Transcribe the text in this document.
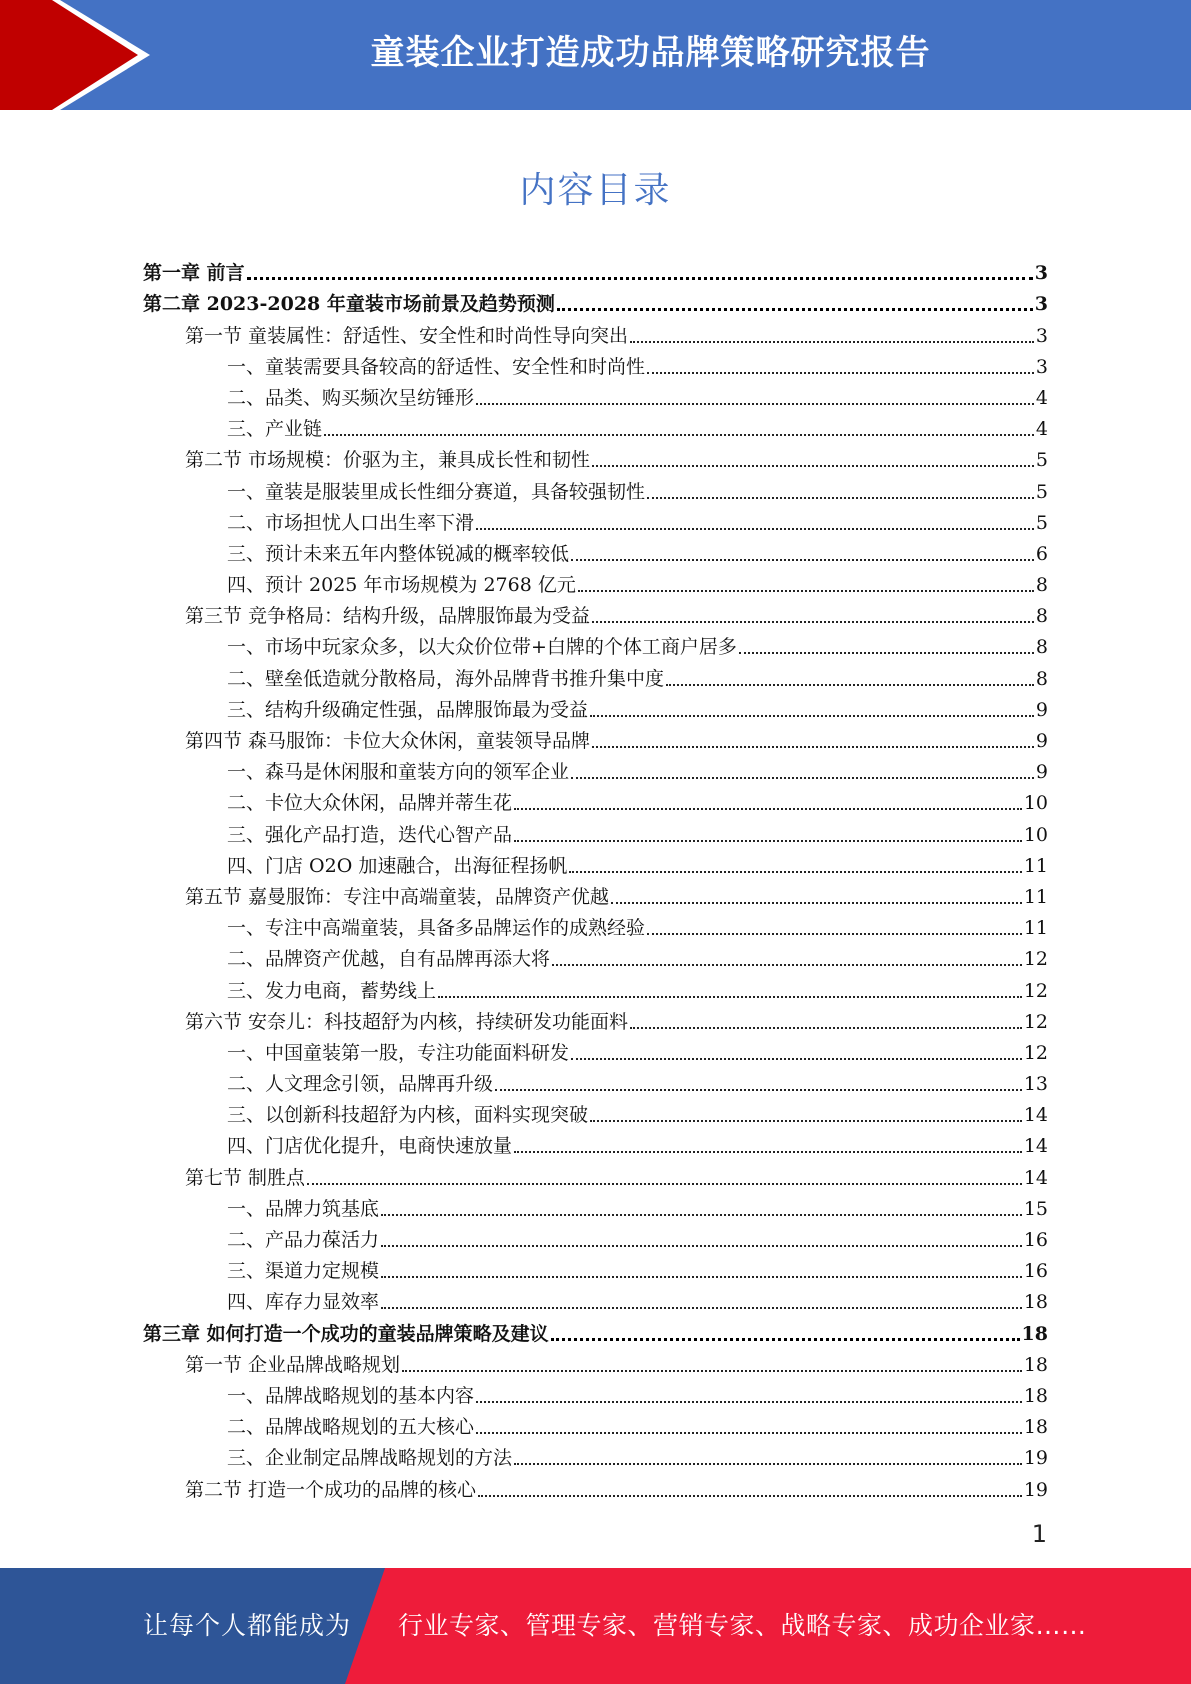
童装企业打造成功品牌策略研究报告
内容目录
第一章 前言	3
第二章 2023-2028 年童装市场前景及趋势预测	3
第一节 童装属性：舒适性、安全性和时尚性导向突出	3
一、童装需要具备较高的舒适性、安全性和时尚性	3
二、品类、购买频次呈纺锤形	4
三、产业链	4
第二节 市场规模：价驱为主，兼具成长性和韧性	5
一、童装是服装里成长性细分赛道，具备较强韧性	5
二、市场担忧人口出生率下滑	5
三、预计未来五年内整体锐减的概率较低	6
四、预计 2025 年市场规模为 2768 亿元	8
第三节 竞争格局：结构升级，品牌服饰最为受益	8
一、市场中玩家众多，以大众价位带+白牌的个体工商户居多	8
二、壁垒低造就分散格局，海外品牌背书推升集中度	8
三、结构升级确定性强，品牌服饰最为受益	9
第四节 森马服饰：卡位大众休闲，童装领导品牌	9
一、森马是休闲服和童装方向的领军企业	9
二、卡位大众休闲，品牌并蒂生花	10
三、强化产品打造，迭代心智产品	10
四、门店 O2O 加速融合，出海征程扬帆	11
第五节 嘉曼服饰：专注中高端童装，品牌资产优越	11
一、专注中高端童装，具备多品牌运作的成熟经验	11
二、品牌资产优越，自有品牌再添大将	12
三、发力电商，蓄势线上	12
第六节 安奈儿：科技超舒为内核，持续研发功能面料	12
一、中国童装第一股，专注功能面料研发	12
二、人文理念引领，品牌再升级	13
三、以创新科技超舒为内核，面料实现突破	14
四、门店优化提升，电商快速放量	14
第七节 制胜点	14
一、品牌力筑基底	15
二、产品力葆活力	16
三、渠道力定规模	16
四、库存力显效率	18
第三章 如何打造一个成功的童装品牌策略及建议	18
第一节 企业品牌战略规划	18
一、品牌战略规划的基本内容	18
二、品牌战略规划的五大核心	18
三、企业制定品牌战略规划的方法	19
第二节 打造一个成功的品牌的核心	19
1
让每个人都能成为 行业专家、管理专家、营销专家、战略专家、成功企业家……
